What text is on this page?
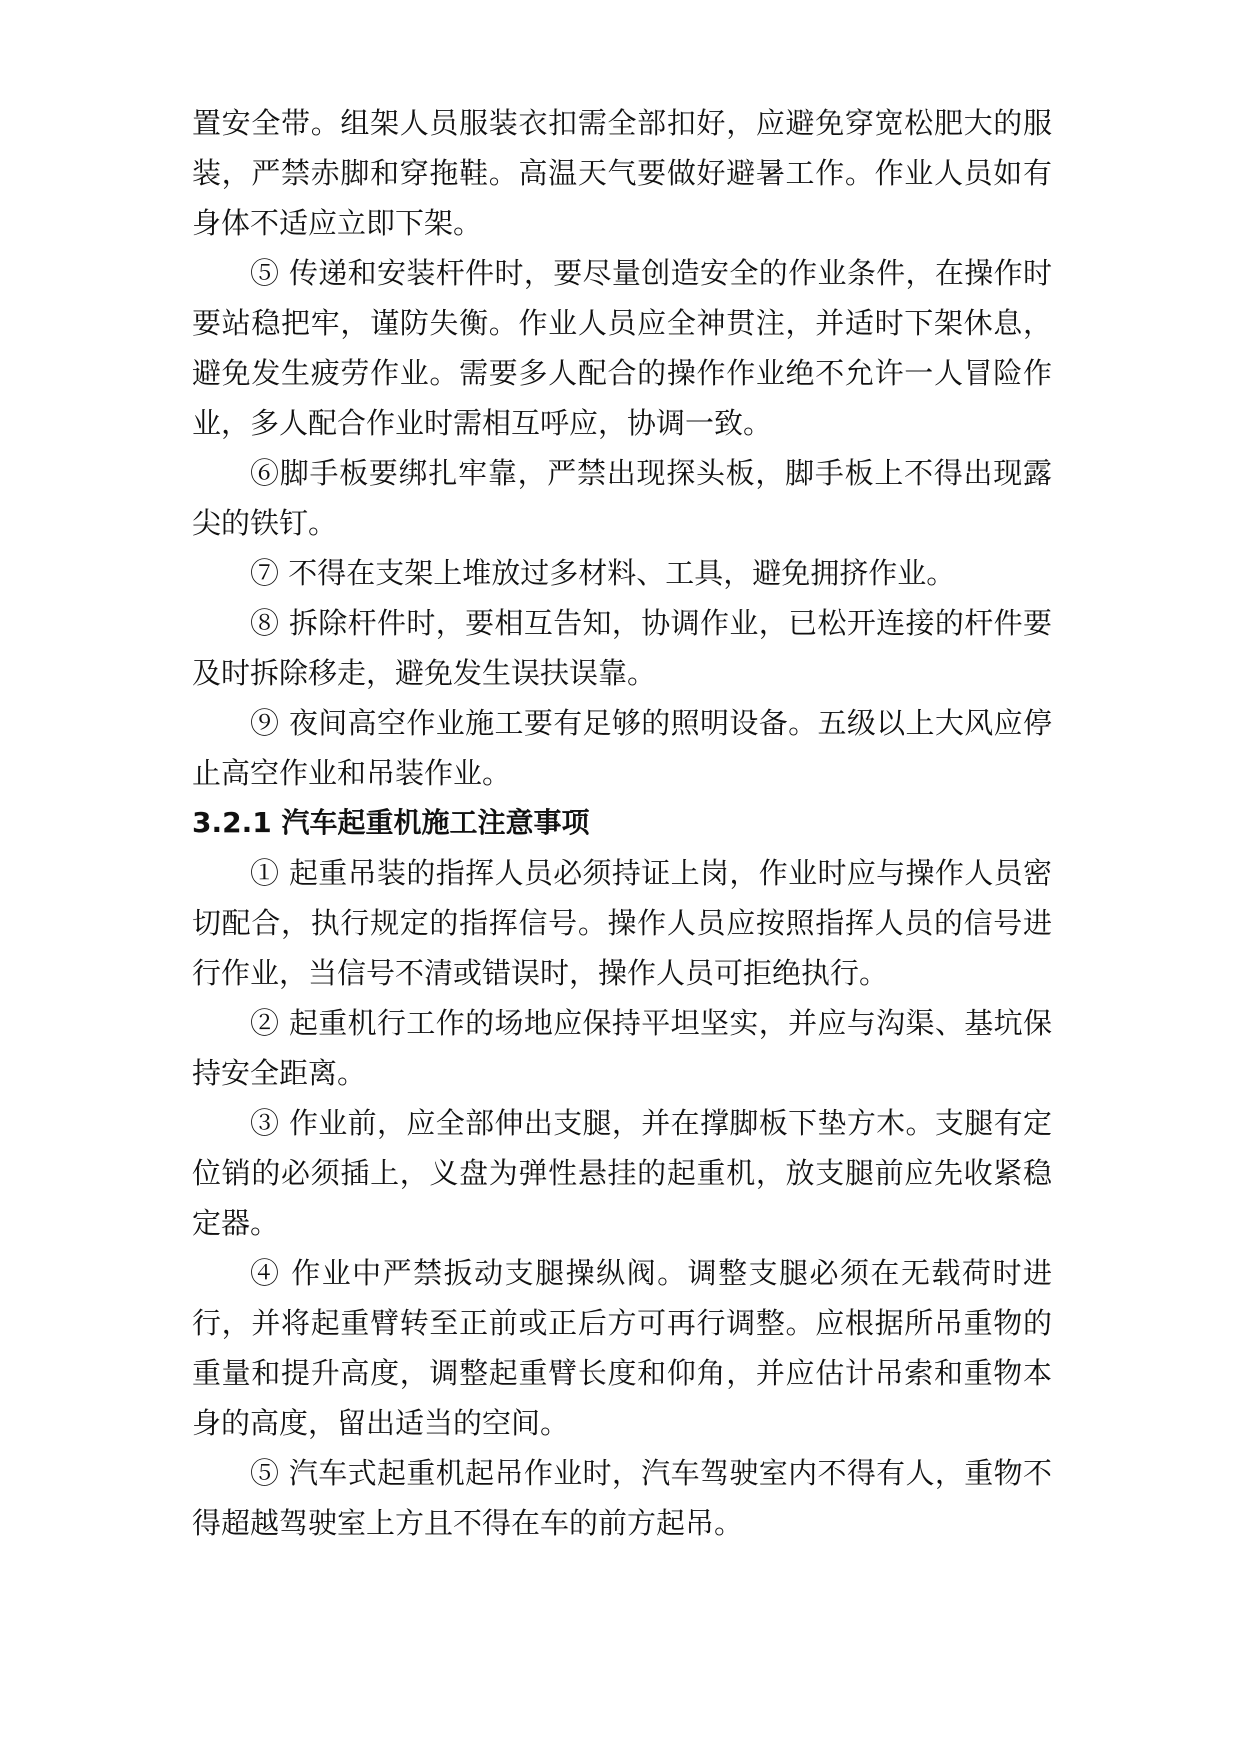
置安全带。组架人员服装衣扣需全部扣好，应避免穿宽松肥大的服装，严禁赤脚和穿拖鞋。高温天气要做好避暑工作。作业人员如有身体不适应立即下架。

⑤ 传递和安装杆件时，要尽量创造安全的作业条件，在操作时要站稳把牢，谨防失衡。作业人员应全神贯注，并适时下架休息，避免发生疲劳作业。需要多人配合的操作作业绝不允许一人冒险作业，多人配合作业时需相互呼应，协调一致。

⑥脚手板要绑扎牢靠，严禁出现探头板，脚手板上不得出现露尖的铁钉。

⑦ 不得在支架上堆放过多材料、工具，避免拥挤作业。

⑧ 拆除杆件时，要相互告知，协调作业，已松开连接的杆件要及时拆除移走，避免发生误扶误靠。

⑨ 夜间高空作业施工要有足够的照明设备。五级以上大风应停止高空作业和吊装作业。

3.2.1 汽车起重机施工注意事项

① 起重吊装的指挥人员必须持证上岗，作业时应与操作人员密切配合，执行规定的指挥信号。操作人员应按照指挥人员的信号进行作业，当信号不清或错误时，操作人员可拒绝执行。

② 起重机行工作的场地应保持平坦坚实，并应与沟渠、基坑保持安全距离。

③ 作业前，应全部伸出支腿，并在撑脚板下垫方木。支腿有定位销的必须插上，义盘为弹性悬挂的起重机，放支腿前应先收紧稳定器。

④ 作业中严禁扳动支腿操纵阀。调整支腿必须在无载荷时进行，并将起重臂转至正前或正后方可再行调整。应根据所吊重物的重量和提升高度，调整起重臂长度和仰角，并应估计吊索和重物本身的高度，留出适当的空间。

⑤ 汽车式起重机起吊作业时，汽车驾驶室内不得有人，重物不得超越驾驶室上方且不得在车的前方起吊。
